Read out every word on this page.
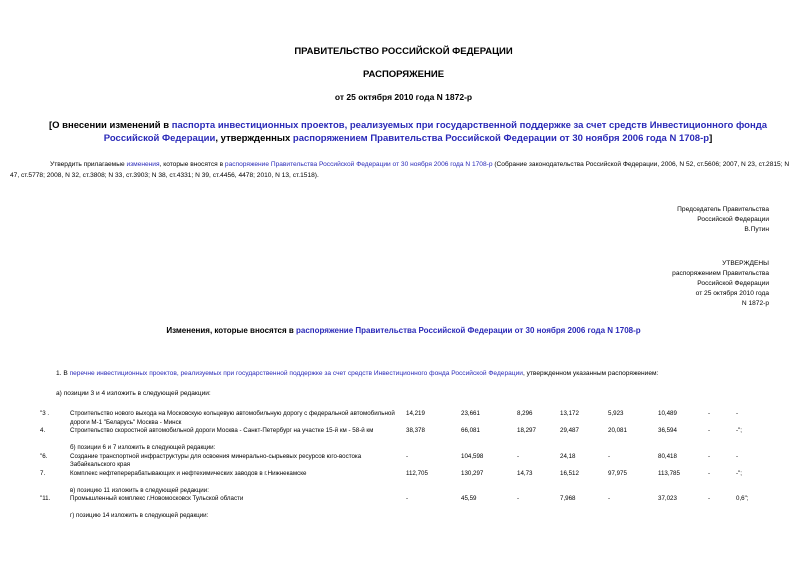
ПРАВИТЕЛЬСТВО РОССИЙСКОЙ ФЕДЕРАЦИИ
РАСПОРЯЖЕНИЕ
от 25 октября 2010 года N 1872-р
[О внесении изменений в паспорта инвестиционных проектов, реализуемых при государственной поддержке за счет средств Инвестиционного фонда Российской Федерации, утвержденных распоряжением Правительства Российской Федерации от 30 ноября 2006 года N 1708-р]
Утвердить прилагаемые изменения, которые вносятся в распоряжение Правительства Российской Федерации от 30 ноября 2006 года N 1708-р (Собрание законодательства Российской Федерации, 2006, N 52, ст.5606; 2007, N 23, ст.2815; N 47, ст.5778; 2008, N 32, ст.3808; N 33, ст.3903; N 38, ст.4331; N 39, ст.4456, 4478; 2010, N 13, ст.1518).
Председатель Правительства
Российской Федерации
В.Путин
УТВЕРЖДЕНЫ
распоряжением Правительства
Российской Федерации
от 25 октября 2010 года
N 1872-р
Изменения, которые вносятся в распоряжение Правительства Российской Федерации от 30 ноября 2006 года N 1708-р
1. В перечне инвестиционных проектов, реализуемых при государственной поддержке за счет средств Инвестиционного фонда Российской Федерации, утвержденном указанным распоряжением:
а) позиции 3 и 4 изложить в следующей редакции:
"3 .	Строительство нового выхода на Московскую кольцевую автомобильную дорогу с федеральной автомобильной дороги М-1 "Беларусь" Москва - Минск	14,219	23,661	8,296	13,172	5,923	10,489	-	-
4.	Строительство скоростной автомобильной дороги Москва - Санкт-Петербург на участке 15-й км - 58-й км	38,378	66,081	18,297	29,487	20,081	36,594	-	-";
	б) позиции 6 и 7 изложить в следующей редакции:								
"6.	Создание транспортной инфраструктуры для освоения минерально-сырьевых ресурсов юго-востока Забайкальского края	-	104,598	-	24,18	-	80,418	-	-
7.	Комплекс нефтеперерабатывающих и нефтехимических заводов в г.Нижнекамске	112,705	130,297	14,73	16,512	97,975	113,785	-	-";
	в) позицию 11 изложить в следующей редакции:								
"11.	Промышленный комплекс г.Новомосковск Тульской области	-	45,59	-	7,968	-	37,023	-	0,6";
	г) позицию 14 изложить в следующей редакции:								
